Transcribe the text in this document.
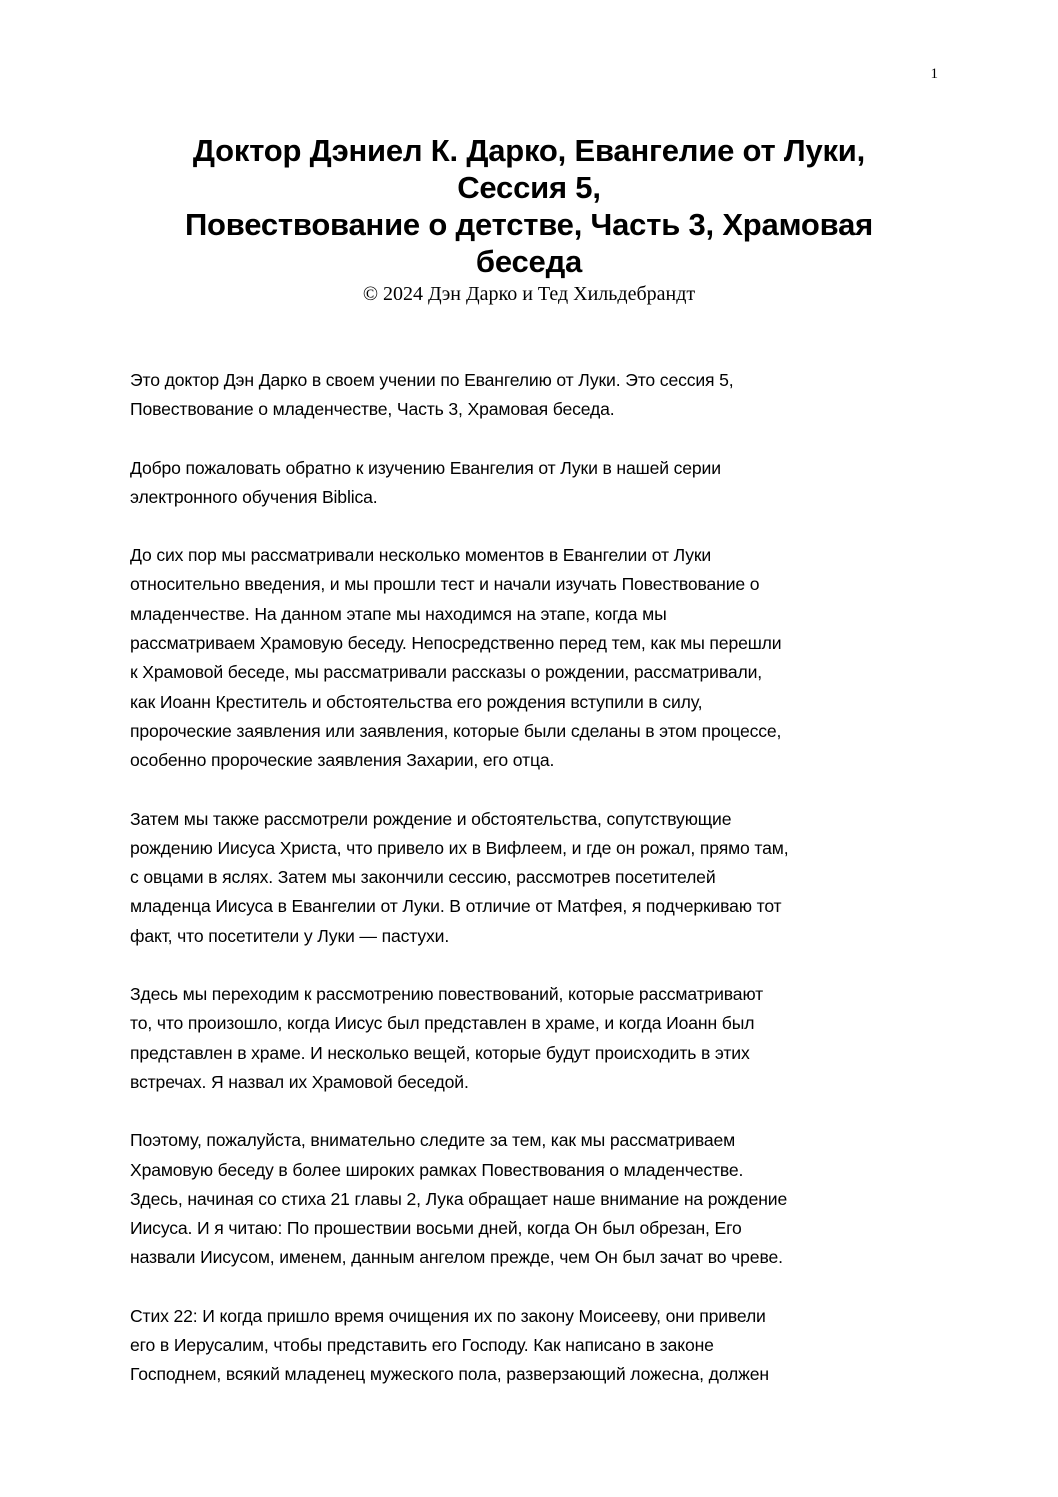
1
Доктор Дэниел К. Дарко, Евангелие от Луки,
Сессия 5,
Повествование о детстве, Часть 3, Храмовая
беседа
© 2024 Дэн Дарко и Тед Хильдебрандт

Это доктор Дэн Дарко в своем учении по Евангелию от Луки. Это сессия 5,
Повествование о младенчестве, Часть 3, Храмовая беседа.

Добро пожаловать обратно к изучению Евангелия от Луки в нашей серии
электронного обучения Biblica.

До сих пор мы рассматривали несколько моментов в Евангелии от Луки
относительно введения, и мы прошли тест и начали изучать Повествование о
младенчестве. На данном этапе мы находимся на этапе, когда мы
рассматриваем Храмовую беседу. Непосредственно перед тем, как мы перешли
к Храмовой беседе, мы рассматривали рассказы о рождении, рассматривали,
как Иоанн Креститель и обстоятельства его рождения вступили в силу,
пророческие заявления или заявления, которые были сделаны в этом процессе,
особенно пророческие заявления Захарии, его отца.

Затем мы также рассмотрели рождение и обстоятельства, сопутствующие
рождению Иисуса Христа, что привело их в Вифлеем, и где он рожал, прямо там,
с овцами в яслях. Затем мы закончили сессию, рассмотрев посетителей
младенца Иисуса в Евангелии от Луки. В отличие от Матфея, я подчеркиваю тот
факт, что посетители у Луки — пастухи.

Здесь мы переходим к рассмотрению повествований, которые рассматривают
то, что произошло, когда Иисус был представлен в храме, и когда Иоанн был
представлен в храме. И несколько вещей, которые будут происходить в этих
встречах. Я назвал их Храмовой беседой.

Поэтому, пожалуйста, внимательно следите за тем, как мы рассматриваем
Храмовую беседу в более широких рамках Повествования о младенчестве.
Здесь, начиная со стиха 21 главы 2, Лука обращает наше внимание на рождение
Иисуса. И я читаю: По прошествии восьми дней, когда Он был обрезан, Его
назвали Иисусом, именем, данным ангелом прежде, чем Он был зачат во чреве.

Стих 22: И когда пришло время очищения их по закону Моисееву, они привели
его в Иерусалим, чтобы представить его Господу. Как написано в законе
Господнем, всякий младенец мужеского пола, разверзающий ложесна, должен
